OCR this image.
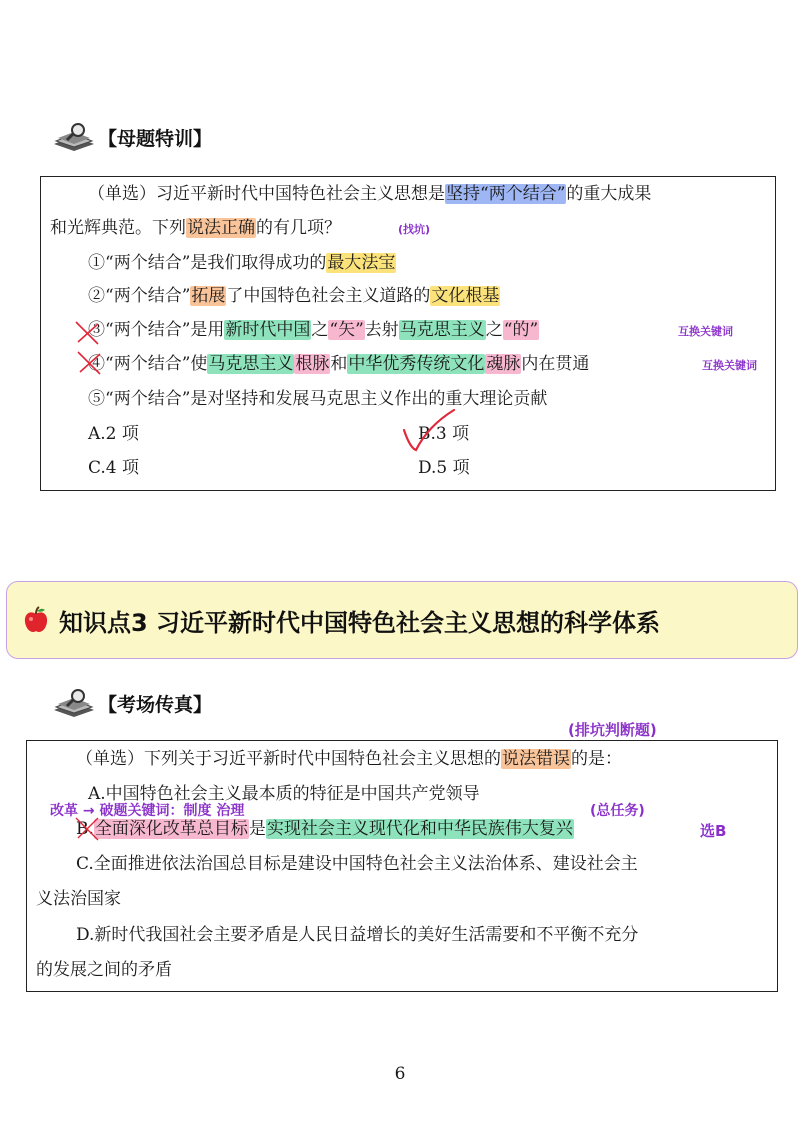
【母题特训】
（单选）习近平新时代中国特色社会主义思想是坚持“两个结合”的重大成果
和光辉典范。下列说法正确的有几项？	(找坑)
①“两个结合”是我们取得成功的最大法宝
②“两个结合”拓展了中国特色社会主义道路的文化根基
③“两个结合”是用新时代中国之“矢”去射马克思主义之“的”	互换关键词
④“两个结合”使马克思主义 根脉和中华优秀传统文化 魂脉内在贯通	互换关键词
⑤“两个结合”是对坚持和发展马克思主义作出的重大理论贡献
A.2 项	B.3 项
C.4 项	D.5 项
知识点3 习近平新时代中国特色社会主义思想的科学体系
【考场传真】
(排坑判断题)
（单选）下列关于习近平新时代中国特色社会主义思想的说法错误的是：
A.中国特色社会主义最本质的特征是中国共产党领导
改革 → 破题关键词：制度 治理	(总任务)
B.全面深化改革总目标是实现社会主义现代化和中华民族伟大复兴	选B
C.全面推进依法治国总目标是建设中国特色社会主义法治体系、建设社会主
义法治国家
D.新时代我国社会主要矛盾是人民日益增长的美好生活需要和不平衡不充分
的发展之间的矛盾
6
